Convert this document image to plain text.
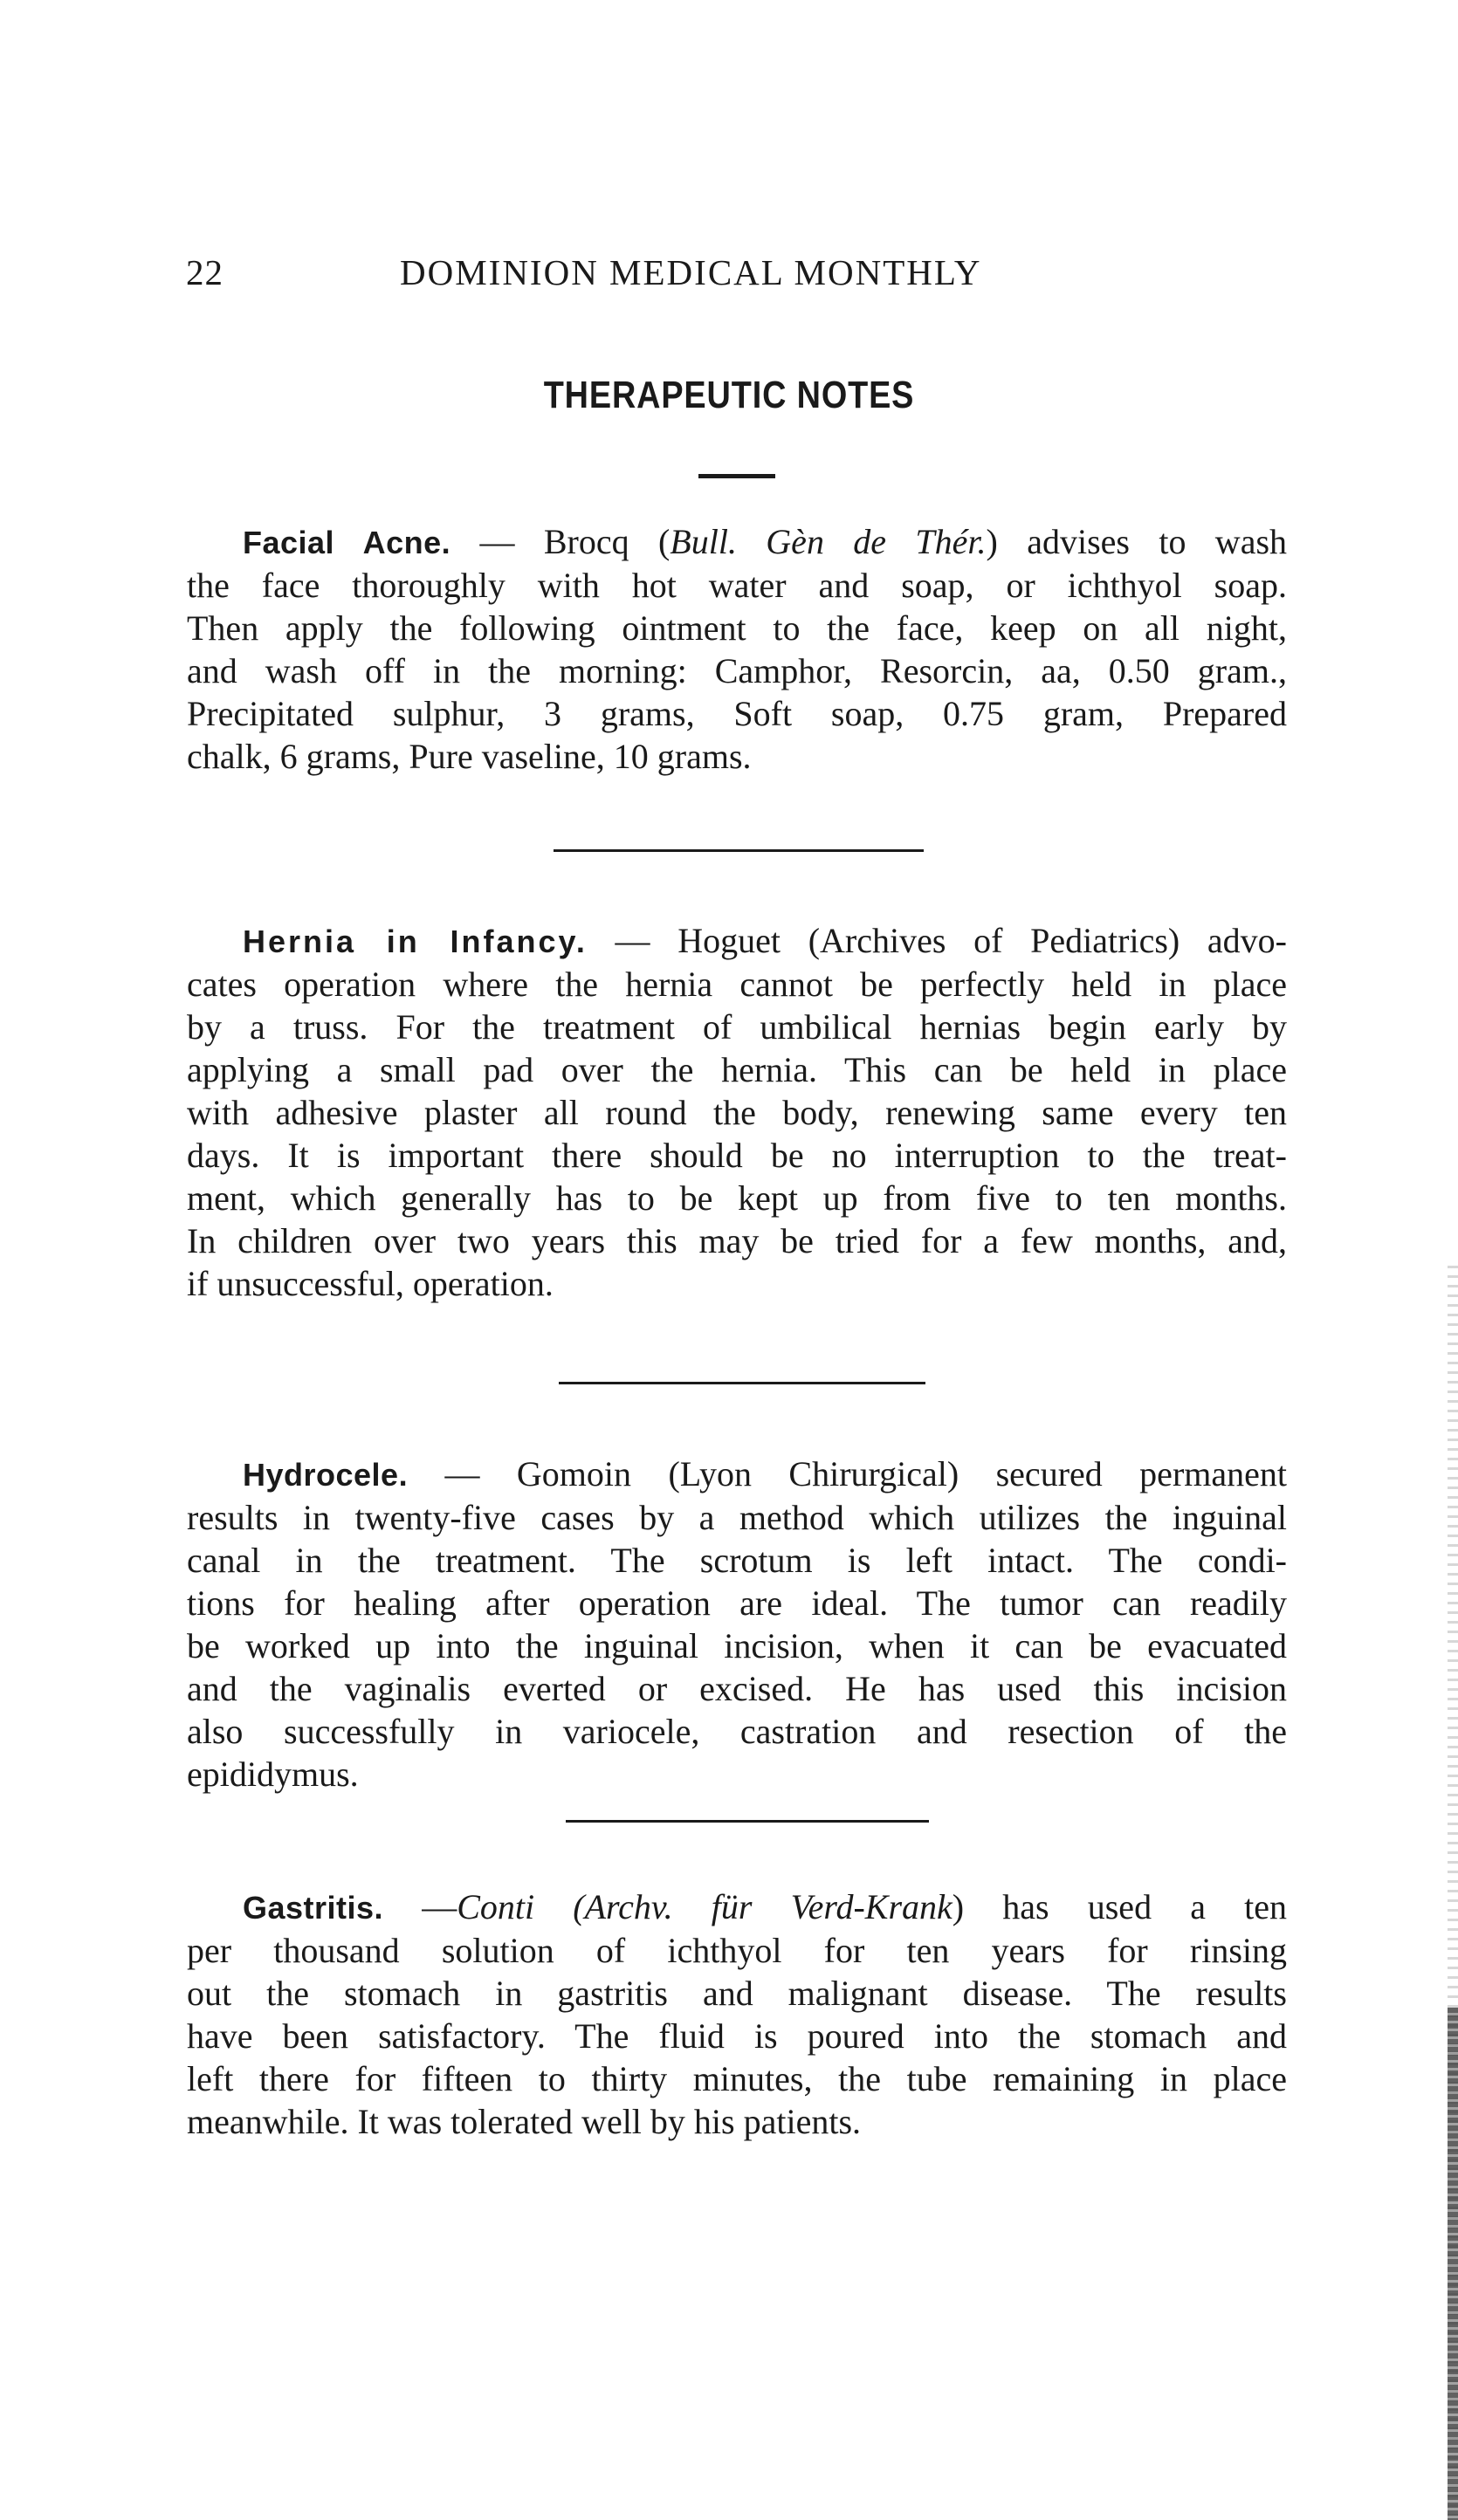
22	DOMINION MEDICAL MONTHLY
THERAPEUTIC NOTES
Facial Acne. — Brocq (Bull. Gèn de Thér.) advises to wash
the face thoroughly with hot water and soap, or ichthyol soap.
Then apply the following ointment to the face, keep on all night,
and wash off in the morning: Camphor, Resorcin, aa, 0.50 gram.,
Precipitated sulphur, 3 grams, Soft soap, 0.75 gram, Prepared
chalk, 6 grams, Pure vaseline, 10 grams.
Hernia in Infancy. — Hoguet (Archives of Pediatrics) advo-
cates operation where the hernia cannot be perfectly held in place
by a truss. For the treatment of umbilical hernias begin early by
applying a small pad over the hernia. This can be held in place
with adhesive plaster all round the body, renewing same every ten
days. It is important there should be no interruption to the treat-
ment, which generally has to be kept up from five to ten months.
In children over two years this may be tried for a few months, and,
if unsuccessful, operation.
Hydrocele. — Gomoin (Lyon Chirurgical) secured permanent
results in twenty-five cases by a method which utilizes the inguinal
canal in the treatment. The scrotum is left intact. The condi-
tions for healing after operation are ideal. The tumor can readily
be worked up into the inguinal incision, when it can be evacuated
and the vaginalis everted or excised. He has used this incision
also successfully in variocele, castration and resection of the
epididymus.
Gastritis. —Conti (Archv. für Verd-Krank) has used a ten
per thousand solution of ichthyol for ten years for rinsing
out the stomach in gastritis and malignant disease. The results
have been satisfactory. The fluid is poured into the stomach and
left there for fifteen to thirty minutes, the tube remaining in place
meanwhile. It was tolerated well by his patients.
